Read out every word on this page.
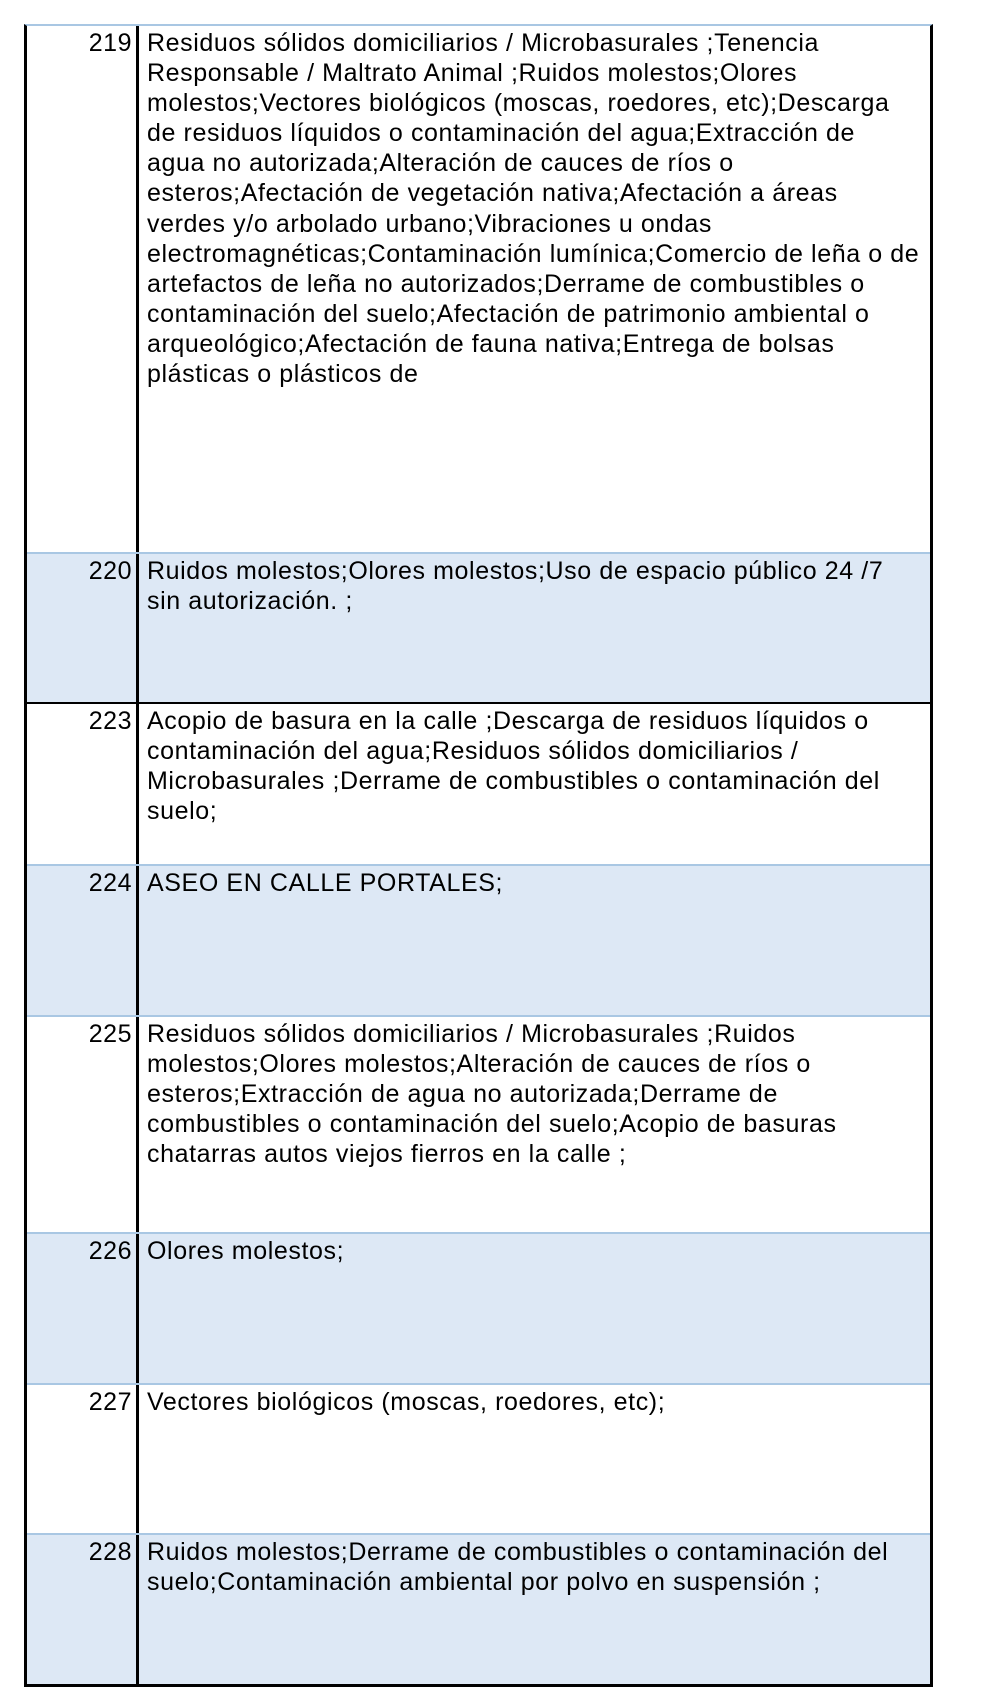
219 Residuos sólidos domiciliarios / Microbasurales ;Tenencia Responsable / Maltrato Animal ;Ruidos molestos;Olores molestos;Vectores biológicos (moscas, roedores, etc);Descarga de residuos líquidos o contaminación del agua;Extracción de agua no autorizada;Alteración de cauces de ríos o esteros;Afectación de vegetación nativa;Afectación a áreas verdes y/o arbolado urbano;Vibraciones u ondas electromagnéticas;Contaminación lumínica;Comercio de leña o de artefactos de leña no autorizados;Derrame de combustibles o contaminación del suelo;Afectación de patrimonio ambiental o arqueológico;Afectación de fauna nativa;Entrega de bolsas plásticas o plásticos de
220 Ruidos molestos;Olores molestos;Uso de espacio público 24 /7 sin autorización. ;
223 Acopio de basura en la calle ;Descarga de residuos líquidos o contaminación del agua;Residuos sólidos domiciliarios / Microbasurales ;Derrame de combustibles o contaminación del suelo;
224 ASEO EN CALLE PORTALES;
225 Residuos sólidos domiciliarios / Microbasurales ;Ruidos molestos;Olores molestos;Alteración de cauces de ríos o esteros;Extracción de agua no autorizada;Derrame de combustibles o contaminación del suelo;Acopio de basuras chatarras autos viejos fierros en la calle ;
226 Olores molestos;
227 Vectores biológicos (moscas, roedores, etc);
228 Ruidos molestos;Derrame de combustibles o contaminación del suelo;Contaminación ambiental por polvo en suspensión ;
